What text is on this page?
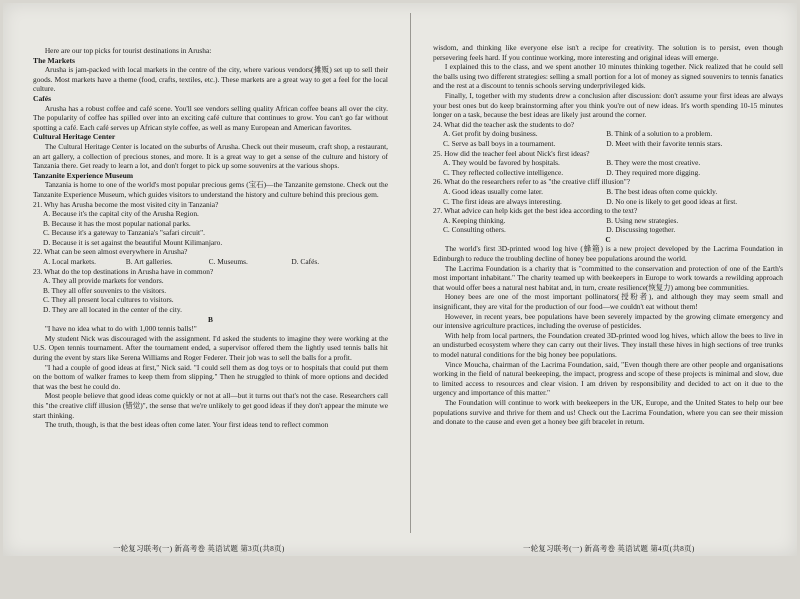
Here are our top picks for tourist destinations in Arusha:

The Markets

Arusha is jam-packed with local markets in the centre of the city, where various vendors(摊贩) set up to sell their goods. Most markets have a theme (food, crafts, textiles, etc.). These markets are a great way to get a feel for the local culture.

Cafés

Arusha has a robust coffee and café scene. You'll see vendors selling quality African coffee beans all over the city. The popularity of coffee has spilled over into an exciting café culture that continues to grow. You can't go far without spotting a café. Each café serves up African style coffee, as well as many European and American favorites.

Cultural Heritage Center

The Cultural Heritage Center is located on the suburbs of Arusha. Check out their museum, craft shop, a restaurant, an art gallery, a collection of precious stones, and more. It is a great way to get a sense of the culture and history of Tanzania there. Get ready to learn a lot, and don't forget to pick up some souvenirs at the various shops.

Tanzanite Experience Museum

Tanzania is home to one of the world's most popular precious gems (宝石)—the Tanzanite gemstone. Check out the Tanzanite Experience Museum, which guides visitors to understand the history and culture behind this precious gem.

21. Why has Arusha become the most visited city in Tanzania?

A. Because it's the capital city of the Arusha Region.
B. Because it has the most popular national parks.
C. Because it's a gateway to Tanzania's "safari circuit".
D. Because it is set against the beautiful Mount Kilimanjaro.

22. What can be seen almost everywhere in Arusha?

A. Local markets.	B. Art galleries.	C. Museums.	D. Cafés.

23. What do the top destinations in Arusha have in common?

A. They all provide markets for vendors.
B. They all offer souvenirs to the visitors.
C. They all present local cultures to visitors.
D. They are all located in the center of the city.

B

"I have no idea what to do with 1,000 tennis balls!"

My student Nick was discouraged with the assignment. I'd asked the students to imagine they were working at the U.S. Open tennis tournament. After the tournament ended, a supervisor offered them the lightly used tennis balls hit during the event by stars like Serena Williams and Roger Federer. Their job was to sell the balls for a profit.

"I had a couple of good ideas at first," Nick said. "I could sell them as dog toys or to hospitals that could put them on the bottom of walker frames to keep them from slipping." Then he struggled to think of more options and decided that was the best he could do.

Most people believe that good ideas come quickly or not at all—but it turns out that's not the case. Researchers call this "the creative cliff illusion (错觉)", the sense that we're unlikely to get good ideas if they don't appear the minute we start thinking.

The truth, though, is that the best ideas often come later. Your first ideas tend to reflect common

wisdom, and thinking like everyone else isn't a recipe for creativity. The solution is to persist, even though persevering feels hard. If you continue working, more interesting and original ideas will emerge.

I explained this to the class, and we spent another 10 minutes thinking together. Nick realized that he could sell the balls using two different strategies: selling a small portion for a lot of money as signed souvenirs to tennis fanatics and the rest at a discount to tennis schools serving underprivileged kids.

Finally, I, together with my students drew a conclusion after discussion: don't assume your first ideas are always your best ones but do keep brainstorming after you think you're out of new ideas. It's worth spending 10-15 minutes longer on a task, because the best ideas are likely just around the corner.

24. What did the teacher ask the students to do?

A. Get profit by doing business.	B. Think of a solution to a problem.
C. Serve as ball boys in a tournament.	D. Meet with their favorite tennis stars.

25. How did the teacher feel about Nick's first ideas?

A. They would be favored by hospitals.	B. They were the most creative.
C. They reflected collective intelligence.	D. They required more digging.

26. What do the researchers refer to as "the creative cliff illusion"?

A. Good ideas usually come later.	B. The best ideas often come quickly.
C. The first ideas are always interesting.	D. No one is likely to get good ideas at first.

27. What advice can help kids get the best idea according to the text?

A. Keeping thinking.	B. Using new strategies.
C. Consulting others.	D. Discussing together.

C

The world's first 3D-printed wood log hive (蜂箱) is a new project developed by the Lacrima Foundation in Edinburgh to reduce the troubling decline of honey bee populations around the world.

The Lacrima Foundation is a charity that is "committed to the conservation and protection of one of the Earth's most important inhabitant." The charity teamed up with beekeepers in Europe to work towards a rewilding approach that would offer bees a natural nest habitat and, in turn, create resilience(恢复力) among bee communities.

Honey bees are one of the most important pollinators(授粉者), and although they may seem small and insignificant, they are vital for the production of our food—we couldn't eat without them!

However, in recent years, bee populations have been severely impacted by the growing climate emergency and our intensive agriculture practices, including the overuse of pesticides.

With help from local partners, the Foundation created 3D-printed wood log hives, which allow the bees to live in an undisturbed ecosystem where they can carry out their lives. They install these hives in high sections of tree trunks to model natural conditions for the big honey bee populations.

Vince Moucha, chairman of the Lacrima Foundation, said, "Even though there are other people and organisations working in the field of natural beekeeping, the impact, progress and scope of these projects is minimal and slow, due to limited access to resources and clear vision. I am driven by responsibility and decided to act on it due to the urgency and importance of this matter."

The Foundation will continue to work with beekeepers in the UK, Europe, and the United States to help our bee populations survive and thrive for them and us! Check out the Lacrima Foundation, where you can see their mission and donate to the cause and even get a honey bee gift bracelet in return.

一轮复习联考(一) 新高考卷 英语试题 第3页(共8页)	一轮复习联考(一) 新高考卷 英语试题 第4页(共8页)
